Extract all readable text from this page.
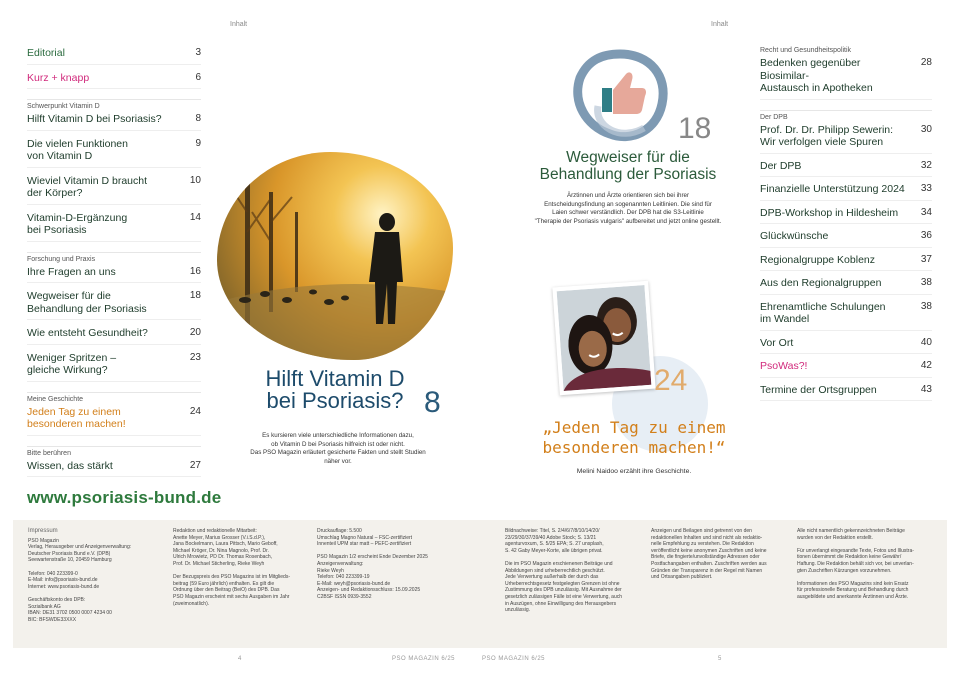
Inhalt	Inhalt
Editorial	3
Kurz + knapp	6
Schwerpunkt Vitamin D
Hilft Vitamin D bei Psoriasis?	8
Die vielen Funktionen
von Vitamin D
9
Wieviel Vitamin D braucht
der Körper?
10
Vitamin-D-Ergänzung
bei Psoriasis
14
Forschung und Praxis
Ihre Fragen an uns	16
Wegweiser für die
Behandlung der Psoriasis
18
Wie entsteht Gesundheit?	20
Weniger Spritzen –
gleiche Wirkung?
23
Meine Geschichte
Jeden Tag zu einem
besonderen machen!
24
Bitte berühren
Wissen, das stärkt	27
www.psoriasis-bund.de
Hilft Vitamin D
bei Psoriasis? 8
Es kursieren viele unterschiedliche Informationen dazu,
ob Vitamin D bei Psoriasis hilfreich ist oder nicht.
Das PSO Magazin erläutert gesicherte Fakten und stellt Studien
näher vor.
18
Wegweiser für die
Behandlung der Psoriasis
Ärztinnen und Ärzte orientieren sich bei ihrer
Entscheidungsfindung an sogenannten Leitlinien. Die sind für
Laien schwer verständlich. Der DPB hat die S3-Leitlinie
"Therapie der Psoriasis vulgaris" aufbereitet und jetzt online gestellt.
24
„Jeden Tag zu einem
besonderen machen!“
Melini Naidoo erzählt ihre Geschichte.
Recht und Gesundheitspolitik
Bedenken gegenüber Biosimilar-
Austausch in Apotheken
28
Der DPB
Prof. Dr. Dr. Philipp Sewerin:
Wir verfolgen viele Spuren
30
Der DPB	32
Finanzielle Unterstützung 2024 33
DPB-Workshop in Hildesheim 34
Glückwünsche	36
Regionalgruppe Koblenz	37
Aus den Regionalgruppen	38
Ehrenamtliche Schulungen
im Wandel
38
Vor Ort	40
PsoWas?!	42
Termine der Ortsgruppen	43
Impressum

PSO Magazin
Verlag, Herausgeber und Anzeigenverwaltung:
Deutscher Psoriasis Bund e.V. (DPB)
Seewartenstraße 10, 20459 Hamburg

Telefon: 040 223399-0
E-Mail: info@psoriasis-bund.de
Internet: www.psoriasis-bund.de

Geschäftskonto des DPB:
Sozialbank AG
IBAN: DE31 3702 0500 0007 4234 00
BIC: BFSWDE33XXX

Redaktion und redaktionelle Mitarbeit:
Anette Meyer, Marius Grosser (V.i.S.d.P.),
Jana Bockelmann, Laura Pittsch, Mario Geboff,
Michael Kröger, Dr. Nina Magnolo, Prof. Dr.
Ulrich Mrowietz, PD Dr. Thomas Rosenbach,
Prof. Dr. Michael Sticherling, Rieke Weyh

Der Bezugspreis des PSO Magazins ist im Mitglieds-
beitrag (59 Euro jährlich) enthalten. Es gilt die
Ordnung über den Beitrag (BeiO) des DPB. Das
PSO Magazin erscheint mit sechs Ausgaben im Jahr
(zweimonatlich).

Druckauflage: 5.500
Umschlag Magno Natural – FSC-zertifiziert
Innenteil UPM star matt – PEFC-zertifiziert

PSO Magazin 1/2 erscheint Ende Dezember 2025
Anzeigenverwaltung:
Rieke Weyh
Telefon: 040 223399-19
E-Mail: weyh@psoriasis-bund.de
Anzeigen- und Redaktionsschluss: 15.09.2025
C2BSF ISSN 0939-3552

Bildnachweise: Titel, S. 2/4/6/7/8/10/14/20/
23/29/30/37/39/40 Adobe Stock; S. 13/21
agenturvoxum, S. 5/25 EPA; S. 27 unsplash,
S. 42 Gaby Meyer-Korte, alle übrigen privat.

Die im PSO Magazin erschienenen Beiträge und
Abbildungen sind urheberrechtlich geschützt.
Jede Verwertung außerhalb der durch das
Urheberrechtsgesetz festgelegten Grenzen ist ohne
Zustimmung des DPB unzulässig. Mit Ausnahme der
gesetzlich zulässigen Fälle ist eine Verwertung, auch
in Auszügen, ohne Einwilligung des Herausgebers
unzulässig.

Anzeigen und Beilagen sind getrennt von den
redaktionellen Inhalten und sind nicht als redaktio-
nelle Empfehlung zu verstehen. Die Redaktion
veröffentlicht keine anonymen Zuschriften und keine
Briefe, die fingierte/unvollständige Adressen oder
Postfachangaben enthalten. Zuschriften werden aus
Gründen der Transparenz in der Regel mit Namen
und Ortsangaben publiziert.

Alle nicht namentlich gekennzeichneten Beiträge
wurden von der Redaktion erstellt.

Für unverlangt eingesandte Texte, Fotos und Illustra-
tionen übernimmt die Redaktion keine Gewähr/
Haftung. Die Redaktion behält sich vor, bei unverlan-
gten Zuschriften Kürzungen vorzunehmen.

Informationen des PSO Magazins sind kein Ersatz
für professionelle Beratung und Behandlung durch
ausgebildete und anerkannte Ärztinnen und Ärzte.

4	PSO MAGAZIN 6/25	PSO MAGAZIN 6/25	5
